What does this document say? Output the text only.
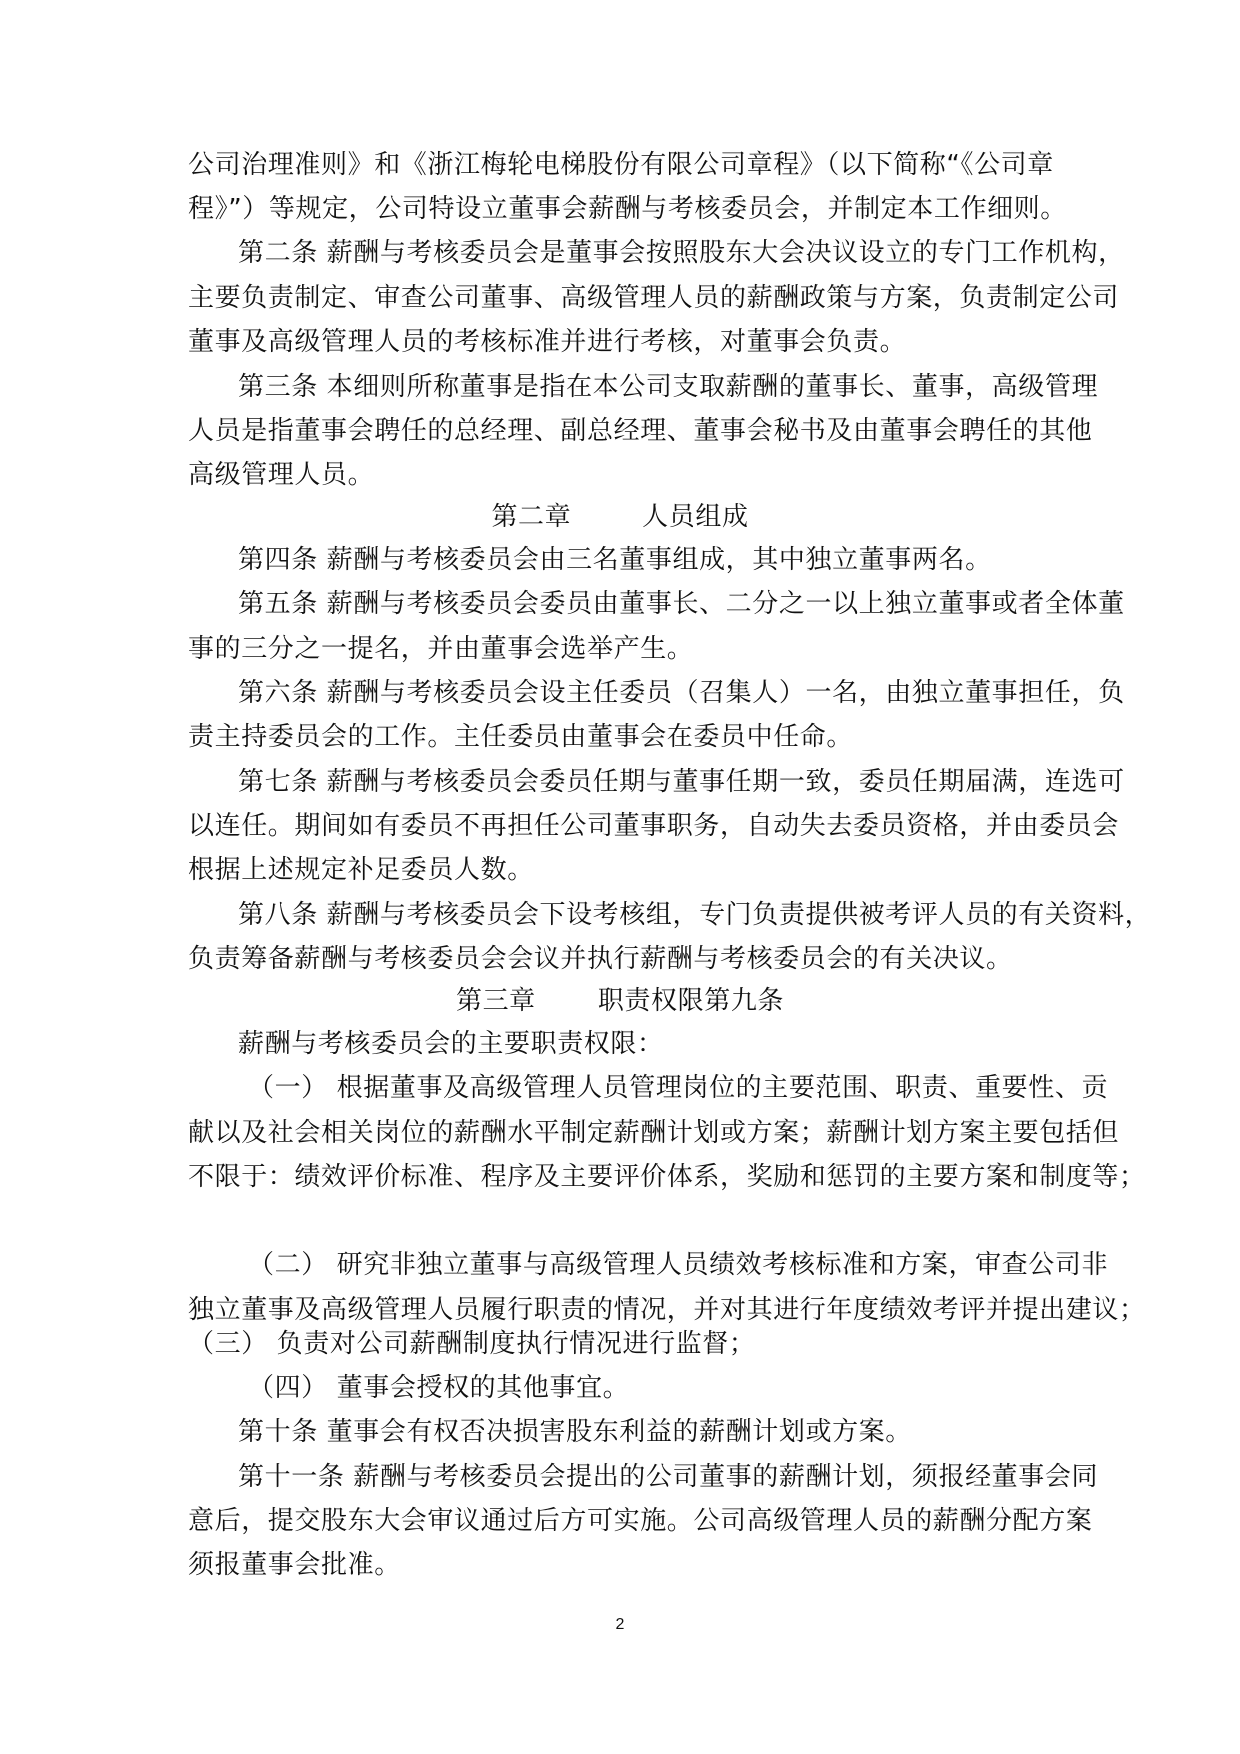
公司治理准则》和《浙江梅轮电梯股份有限公司章程》（以下简称“《公司章
程》”）等规定，公司特设立董事会薪酬与考核委员会，并制定本工作细则。
第二条 薪酬与考核委员会是董事会按照股东大会决议设立的专门工作机构，
主要负责制定、审查公司董事、高级管理人员的薪酬政策与方案，负责制定公司
董事及高级管理人员的考核标准并进行考核，对董事会负责。
第三条 本细则所称董事是指在本公司支取薪酬的董事长、董事，高级管理
人员是指董事会聘任的总经理、副总经理、董事会秘书及由董事会聘任的其他
高级管理人员。
第二章        人员组成
第四条 薪酬与考核委员会由三名董事组成，其中独立董事两名。
第五条 薪酬与考核委员会委员由董事长、二分之一以上独立董事或者全体董
事的三分之一提名，并由董事会选举产生。
第六条 薪酬与考核委员会设主任委员（召集人）一名，由独立董事担任，负
责主持委员会的工作。主任委员由董事会在委员中任命。
第七条 薪酬与考核委员会委员任期与董事任期一致，委员任期届满，连选可
以连任。期间如有委员不再担任公司董事职务，自动失去委员资格，并由委员会
根据上述规定补足委员人数。
第八条 薪酬与考核委员会下设考核组，专门负责提供被考评人员的有关资料，
负责筹备薪酬与考核委员会会议并执行薪酬与考核委员会的有关决议。
第三章       职责权限第九条
薪酬与考核委员会的主要职责权限：
（一） 根据董事及高级管理人员管理岗位的主要范围、职责、重要性、贡
献以及社会相关岗位的薪酬水平制定薪酬计划或方案；薪酬计划方案主要包括但
不限于：绩效评价标准、程序及主要评价体系，奖励和惩罚的主要方案和制度等；
（二） 研究非独立董事与高级管理人员绩效考核标准和方案，审查公司非
独立董事及高级管理人员履行职责的情况，并对其进行年度绩效考评并提出建议；
（三） 负责对公司薪酬制度执行情况进行监督；
（四） 董事会授权的其他事宜。
第十条 董事会有权否决损害股东利益的薪酬计划或方案。
第十一条 薪酬与考核委员会提出的公司董事的薪酬计划，须报经董事会同
意后，提交股东大会审议通过后方可实施。公司高级管理人员的薪酬分配方案
须报董事会批准。
2
